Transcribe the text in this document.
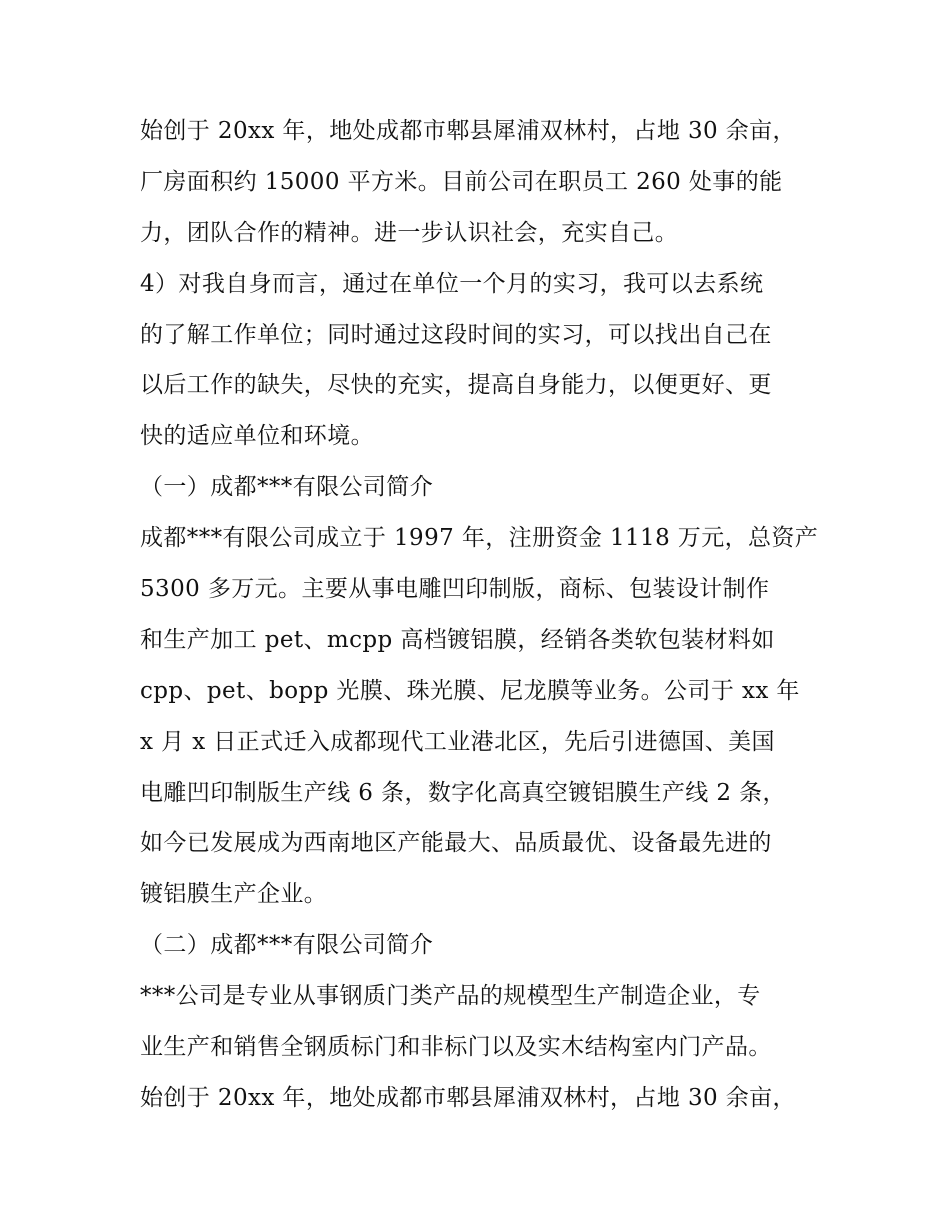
始创于 20xx 年，地处成都市郫县犀浦双林村，占地 30 余亩，
厂房面积约 15000 平方米。目前公司在职员工 260 处事的能
力，团队合作的精神。进一步认识社会，充实自己。
4）对我自身而言，通过在单位一个月的实习，我可以去系统
的了解工作单位；同时通过这段时间的实习，可以找出自己在
以后工作的缺失，尽快的充实，提高自身能力，以便更好、更
快的适应单位和环境。
（一）成都***有限公司简介
成都***有限公司成立于 1997 年，注册资金 1118 万元，总资产
5300 多万元。主要从事电雕凹印制版，商标、包装设计制作
和生产加工 pet、mcpp 高档镀铝膜，经销各类软包装材料如
cpp、pet、bopp 光膜、珠光膜、尼龙膜等业务。公司于 xx 年
x 月 x 日正式迁入成都现代工业港北区，先后引进德国、美国
电雕凹印制版生产线 6 条，数字化高真空镀铝膜生产线 2 条，
如今已发展成为西南地区产能最大、品质最优、设备最先进的
镀铝膜生产企业。
（二）成都***有限公司简介
***公司是专业从事钢质门类产品的规模型生产制造企业，专
业生产和销售全钢质标门和非标门以及实木结构室内门产品。
始创于 20xx 年，地处成都市郫县犀浦双林村，占地 30 余亩，
